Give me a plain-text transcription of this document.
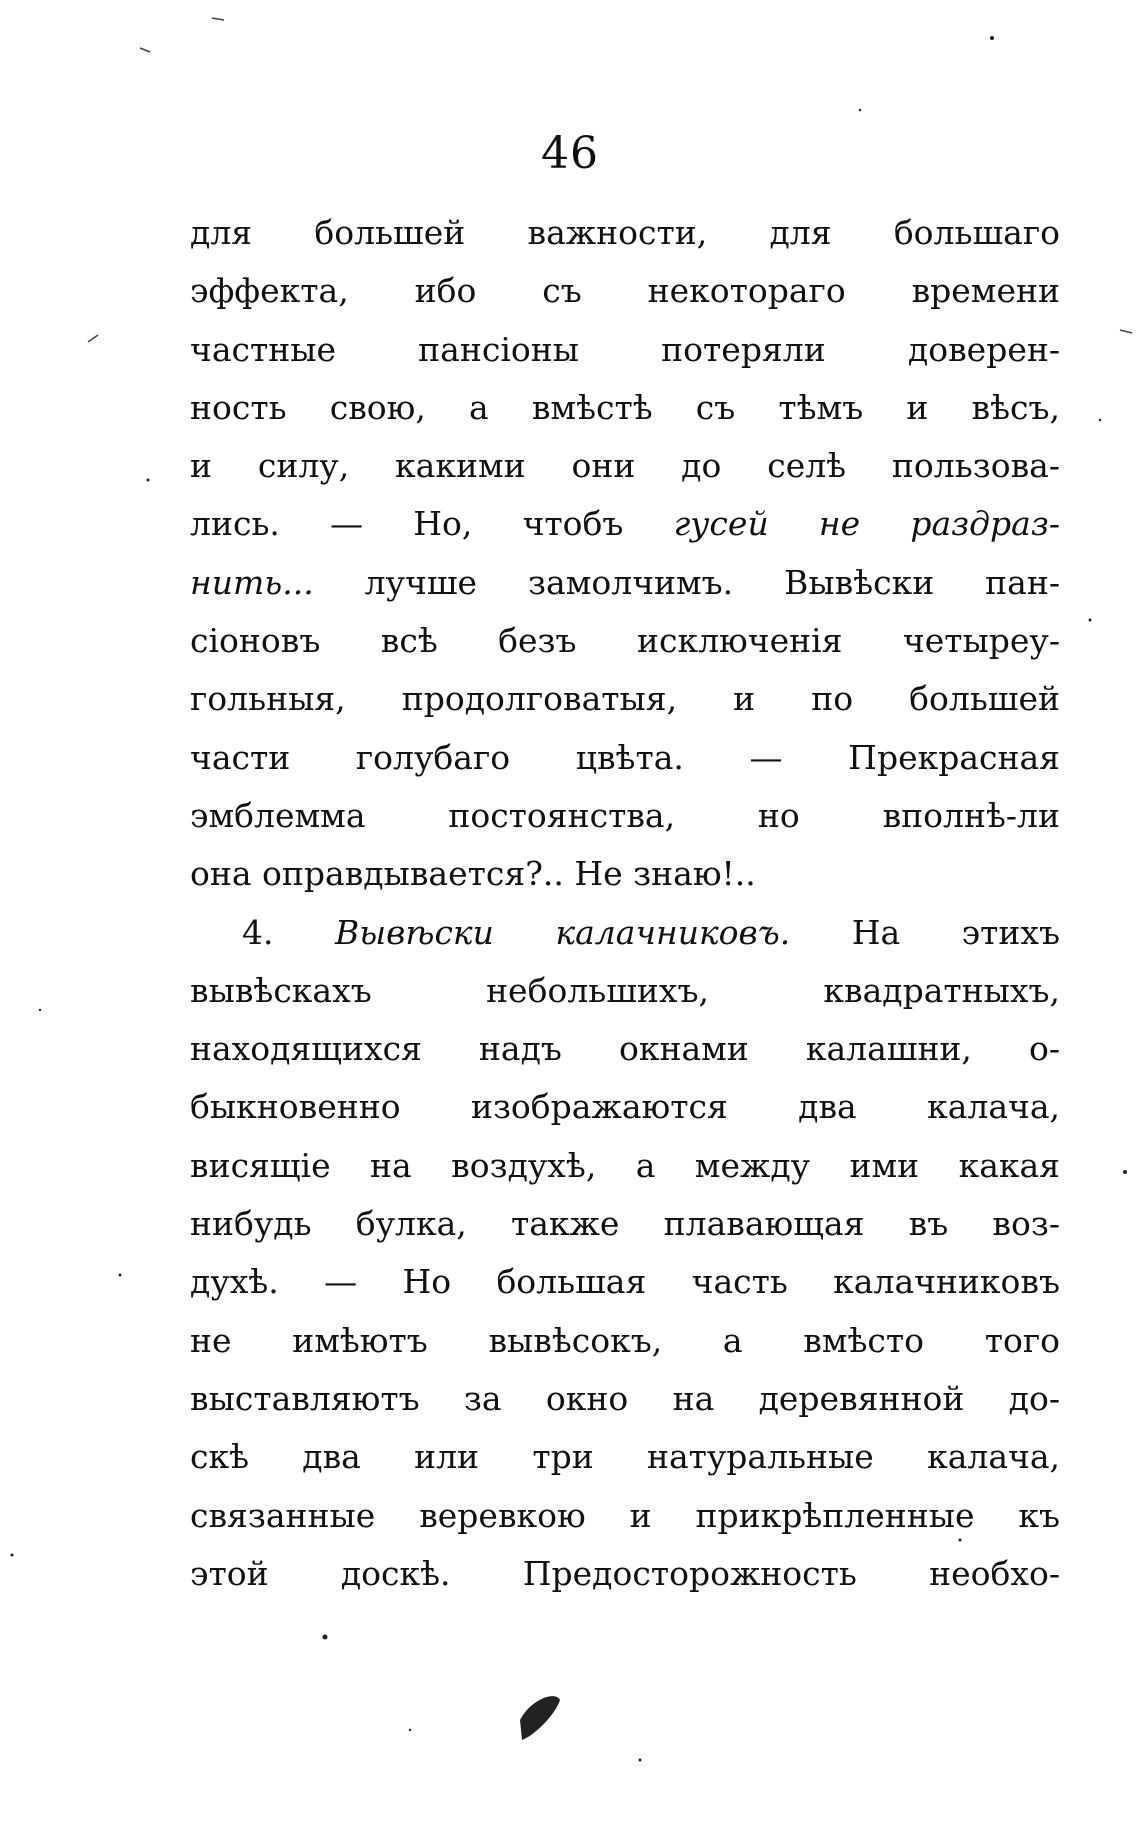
46
для большей важности, для большаго
эффекта, ибо съ некотораго времени
частные пансіоны потеряли доверен-
ность свою, а вмѣстѣ съ тѣмъ и вѣсъ,
и силу, какими они до селѣ пользова-
лись. — Но, чтобъ гусей не раздраз-
нить... лучше замолчимъ. Вывѣски пан-
сіоновъ всѣ безъ исключенія четыреу-
гольныя, продолговатыя, и по большей
части голубаго цвѣта. — Прекрасная
эмблемма постоянства, но вполнѣ-ли
она оправдывается?.. Не знаю!..
4. Вывѣски калачниковъ. На этихъ
вывѣскахъ небольшихъ, квадратныхъ,
находящихся надъ окнами калашни, о-
быкновенно изображаются два калача,
висящіе на воздухѣ, а между ими какая
нибудь булка, также плавающая въ воз-
духѣ. — Но большая часть калачниковъ
не имѣютъ вывѣсокъ, а вмѣсто того
выставляютъ за окно на деревянной до-
скѣ два или три натуральные калача,
связанные веревкою и прикрѣпленные къ
этой доскѣ. Предосторожность необхо-
